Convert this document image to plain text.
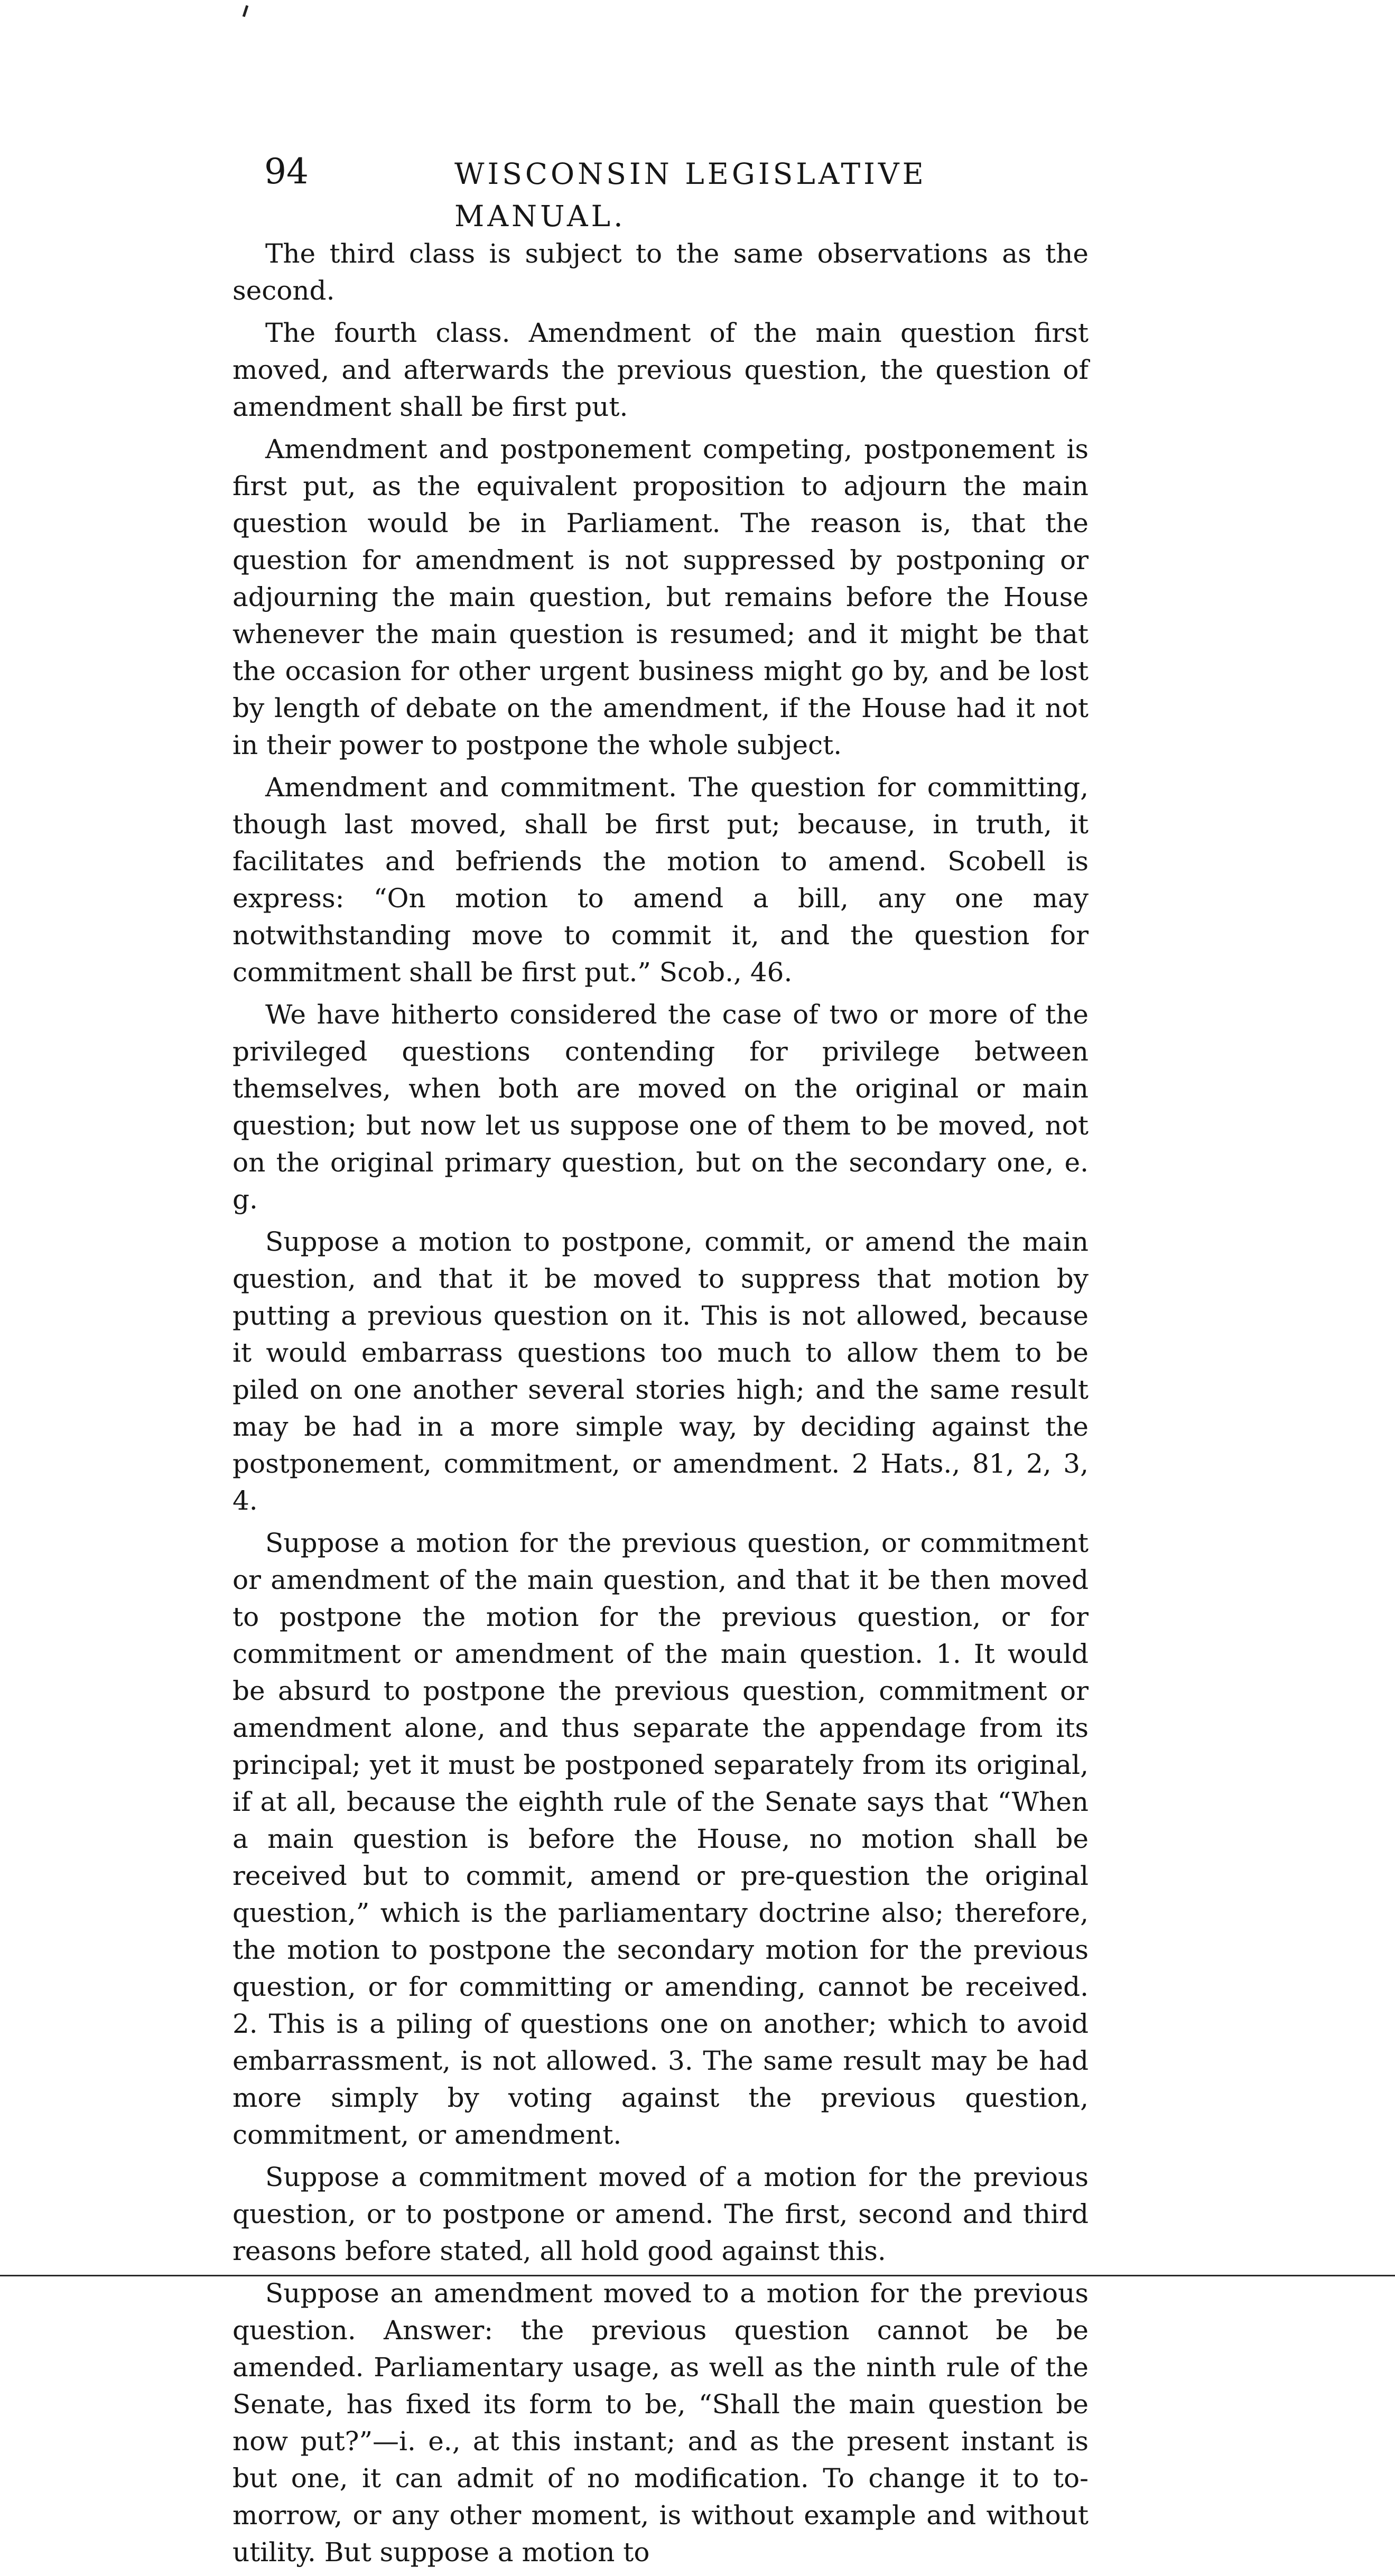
94	WISCONSIN LEGISLATIVE MANUAL.

The third class is subject to the same observations as the second.

The fourth class. Amendment of the main question first moved, and afterwards the previous question, the question of amendment shall be first put.

Amendment and postponement competing, postponement is first put, as the equivalent proposition to adjourn the main question would be in Parliament. The reason is, that the question for amendment is not suppressed by postponing or adjourning the main question, but remains before the House whenever the main question is resumed; and it might be that the occasion for other urgent business might go by, and be lost by length of debate on the amendment, if the House had it not in their power to postpone the whole subject.

Amendment and commitment. The question for committing, though last moved, shall be first put; because, in truth, it facilitates and befriends the motion to amend. Scobell is express: “On motion to amend a bill, any one may notwithstanding move to commit it, and the question for commitment shall be first put.” Scob., 46.

We have hitherto considered the case of two or more of the privileged questions contending for privilege between themselves, when both are moved on the original or main question; but now let us suppose one of them to be moved, not on the original primary question, but on the secondary one, e. g.

Suppose a motion to postpone, commit, or amend the main question, and that it be moved to suppress that motion by putting a previous question on it. This is not allowed, because it would embarrass questions too much to allow them to be piled on one another several stories high; and the same result may be had in a more simple way, by deciding against the postponement, commitment, or amendment. 2 Hats., 81, 2, 3, 4.

Suppose a motion for the previous question, or commitment or amendment of the main question, and that it be then moved to postpone the motion for the previous question, or for commitment or amendment of the main question. 1. It would be absurd to postpone the previous question, commitment or amendment alone, and thus separate the appendage from its principal; yet it must be postponed separately from its original, if at all, because the eighth rule of the Senate says that “When a main question is before the House, no motion shall be received but to commit, amend or pre-question the original question,” which is the parliamentary doctrine also; therefore, the motion to postpone the secondary motion for the previous question, or for committing or amending, cannot be received. 2. This is a piling of questions one on another; which to avoid embarrassment, is not allowed. 3. The same result may be had more simply by voting against the previous question, commitment, or amendment.

Suppose a commitment moved of a motion for the previous question, or to postpone or amend. The first, second and third reasons before stated, all hold good against this.

Suppose an amendment moved to a motion for the previous question. Answer: the previous question cannot be be amended. Parliamentary usage, as well as the ninth rule of the Senate, has fixed its form to be, “Shall the main question be now put?”—i. e., at this instant; and as the present instant is but one, it can admit of no modification. To change it to to-morrow, or any other moment, is without example and without utility. But suppose a motion to
